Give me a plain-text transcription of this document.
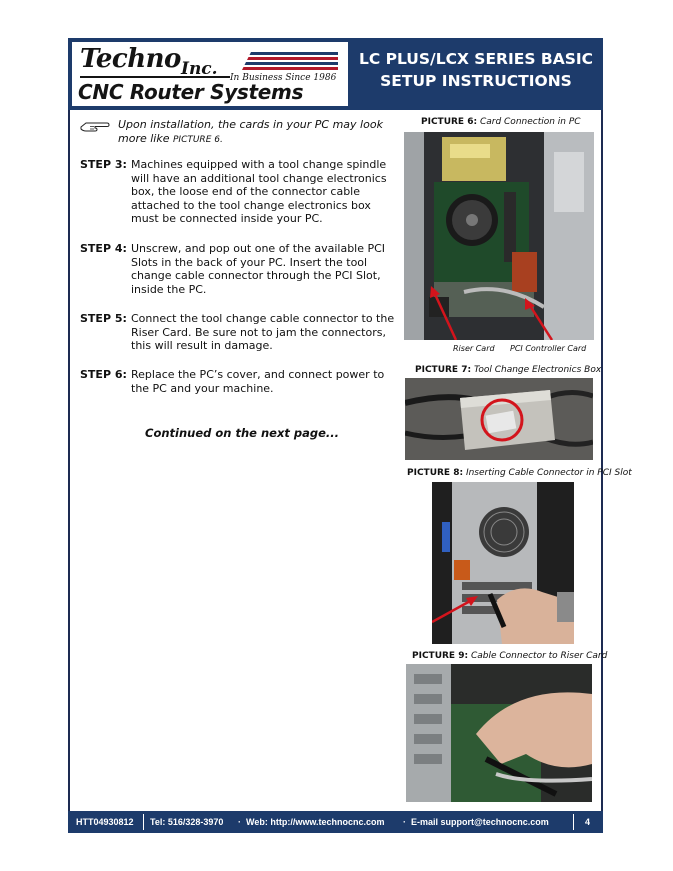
Techno Inc. In Business Since 1986
CNC Router Systems
LC PLUS/LCX SERIES BASIC
SETUP INSTRUCTIONS
Upon installation, the cards in your PC may look more like PICTURE 6.
STEP 3: Machines equipped with a tool change spindle will have an additional tool change electronics box, the loose end of the connector cable attached to the tool change electronics box must be connected inside your PC.
STEP 4: Unscrew, and pop out one of the available PCI Slots in the back of your PC. Insert the tool change cable connector through the PCI Slot, inside the PC.
STEP 5: Connect the tool change cable connector to the Riser Card. Be sure not to jam the connectors, this will result in damage.
STEP 6: Replace the PC’s cover, and connect power to the PC and your machine.
Continued on the next page...
PICTURE 6: Card Connection in PC
Riser Card PCI Controller Card
PICTURE 7: Tool Change Electronics Box
PICTURE 8: Inserting Cable Connector in PCI Slot
PICTURE 9: Cable Connector to Riser Card
HTT04930812 Tel: 516/328-3970 · Web: http://www.technocnc.com · E-mail support@technocnc.com	4
